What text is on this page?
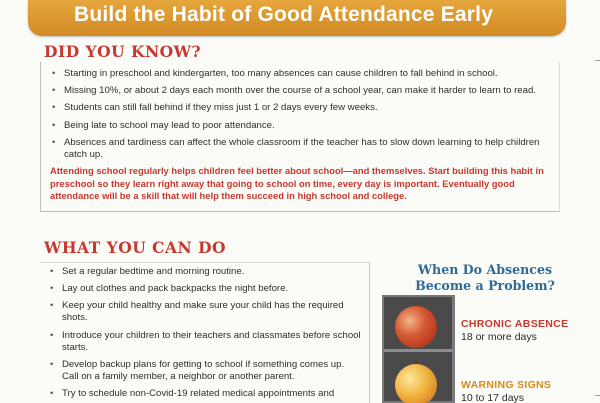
Build the Habit of Good Attendance Early
DID YOU KNOW?
• Starting in preschool and kindergarten, too many absences can cause children to fall behind in school.
• Missing 10%, or about 2 days each month over the course of a school year, can make it harder to learn to read.
• Students can still fall behind if they miss just 1 or 2 days every few weeks.
• Being late to school may lead to poor attendance.
• Absences and tardiness can affect the whole classroom if the teacher has to slow down learning to help children catch up.
Attending school regularly helps children feel better about school—and themselves. Start building this habit in preschool so they learn right away that going to school on time, every day is important. Eventually good attendance will be a skill that will help them succeed in high school and college.
WHAT YOU CAN DO
• Set a regular bedtime and morning routine.
• Lay out clothes and pack backpacks the night before.
• Keep your child healthy and make sure your child has the required shots.
• Introduce your children to their teachers and classmates before school starts.
• Develop backup plans for getting to school if something comes up. Call on a family member, a neighbor or another parent.
• Try to schedule non-Covid-19 related medical appointments and
When Do Absences Become a Problem?
CHRONIC ABSENCE
18 or more days
WARNING SIGNS
10 to 17 days
